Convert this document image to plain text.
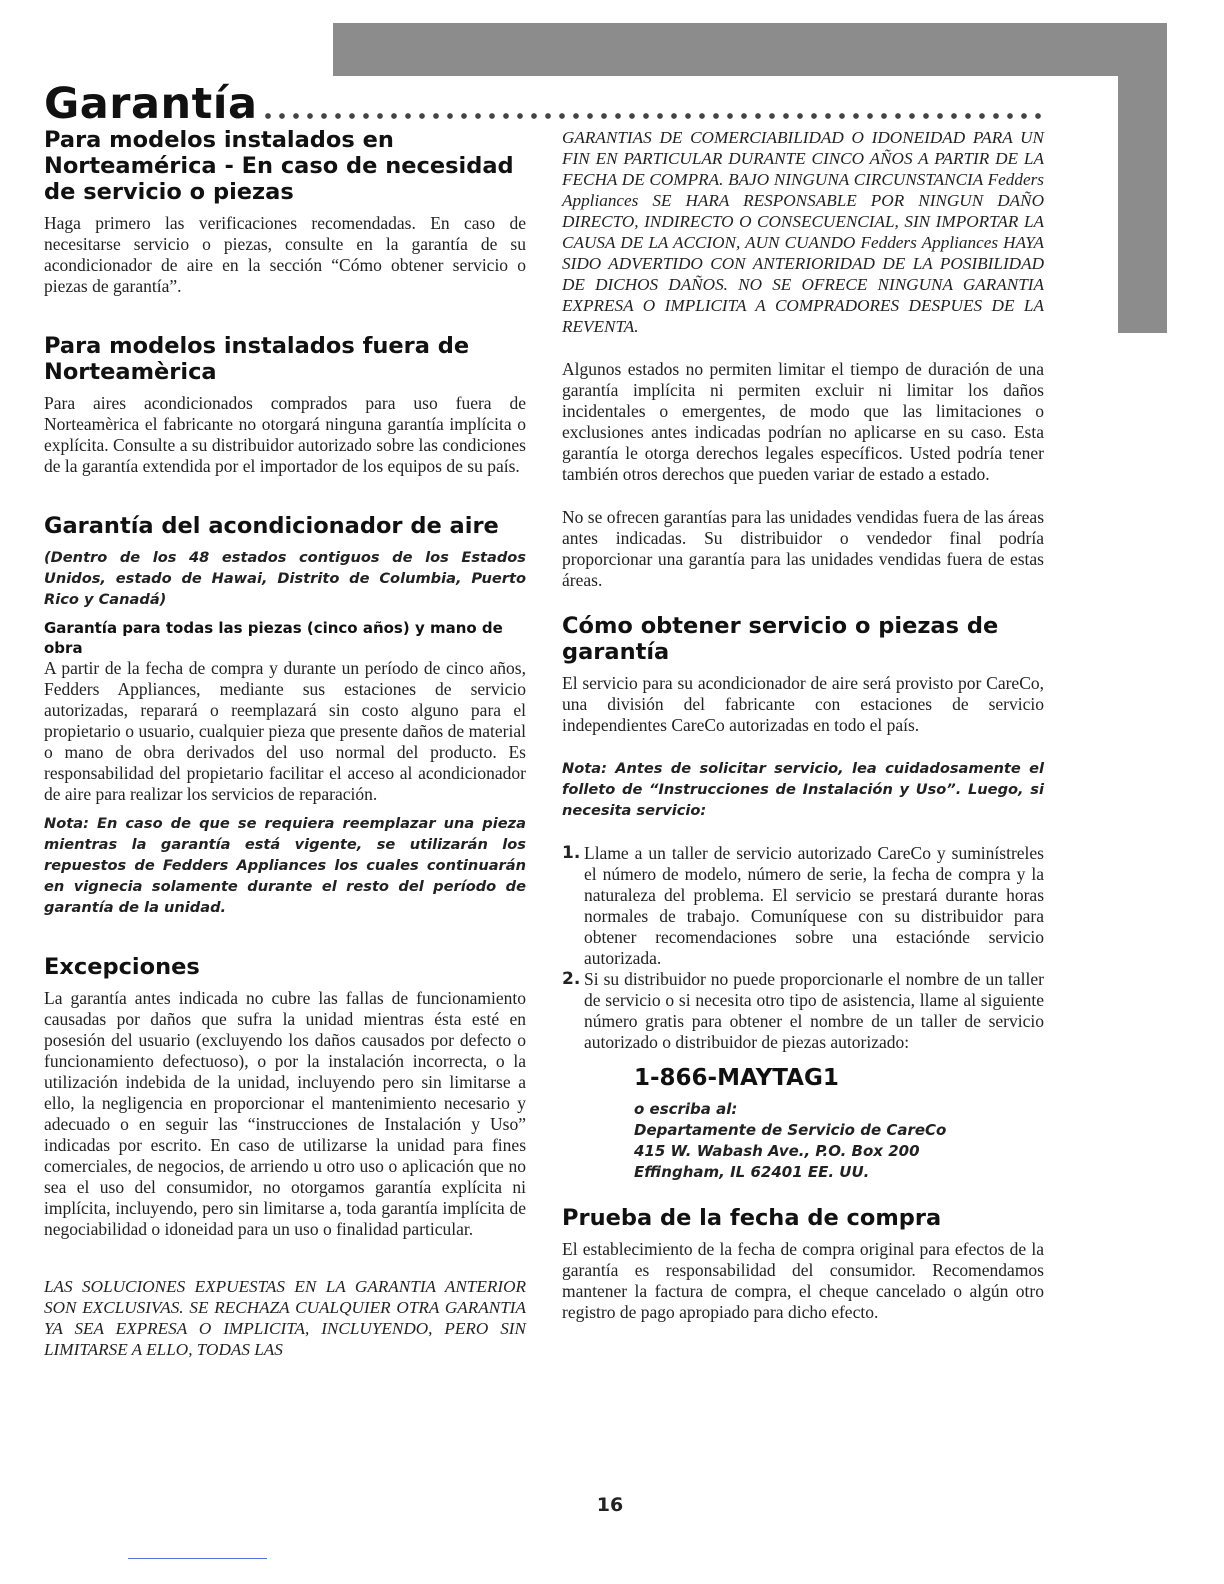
Garantía
Para modelos instalados en Norteamérica - En caso de necesidad de servicio o piezas

Haga primero las verificaciones recomendadas. En caso de necesitarse servicio o piezas, consulte en la garantía de su acondicionador de aire en la sección “Cómo obtener servicio o piezas de garantía”.

Para modelos instalados fuera de Norteamèrica

Para aires acondicionados comprados para uso fuera de Norteamèrica el fabricante no otorgará ninguna garantía implícita o explícita. Consulte a su distribuidor autorizado sobre las condiciones de la garantía extendida por el importador de los equipos de su país.

Garantía del acondicionador de aire

(Dentro de los 48 estados contiguos de los Estados Unidos, estado de Hawai, Distrito de Columbia, Puerto Rico y Canadá)

Garantía para todas las piezas (cinco años) y mano de obra

A partir de la fecha de compra y durante un período de cinco años, Fedders Appliances, mediante sus estaciones de servicio autorizadas, reparará o reemplazará sin costo alguno para el propietario o usuario, cualquier pieza que presente daños de material o mano de obra derivados del uso normal del producto. Es responsabilidad del propietario facilitar el acceso al acondicionador de aire para realizar los servicios de reparación.

Nota: En caso de que se requiera reemplazar una pieza mientras la garantía está vigente, se utilizarán los repuestos de Fedders Appliances los cuales continuarán en vignecia solamente durante el resto del período de garantía de la unidad.

Excepciones

La garantía antes indicada no cubre las fallas de funcionamiento causadas por daños que sufra la unidad mientras ésta esté en posesión del usuario (excluyendo los daños causados por defecto o funcionamiento defectuoso), o por la instalación incorrecta, o la utilización indebida de la unidad, incluyendo pero sin limitarse a ello, la negligencia en proporcionar el mantenimiento necesario y adecuado o en seguir las “instrucciones de Instalación y Uso” indicadas por escrito. En caso de utilizarse la unidad para fines comerciales, de negocios, de arriendo u otro uso o aplicación que no sea el uso del consumidor, no otorgamos garantía explícita ni implícita, incluyendo, pero sin limitarse a, toda garantía implícita de negociabilidad o idoneidad para un uso o finalidad particular.

LAS SOLUCIONES EXPUESTAS EN LA GARANTIA ANTERIOR SON EXCLUSIVAS. SE RECHAZA CUALQUIER OTRA GARANTIA YA SEA EXPRESA O IMPLICITA, INCLUYENDO, PERO SIN LIMITARSE A ELLO, TODAS LAS

GARANTIAS DE COMERCIABILIDAD O IDONEIDAD PARA UN FIN EN PARTICULAR DURANTE CINCO AÑOS A PARTIR DE LA FECHA DE COMPRA. BAJO NINGUNA CIRCUNSTANCIA Fedders Appliances SE HARA RESPONSABLE POR NINGUN DAÑO DIRECTO, INDIRECTO O CONSECUENCIAL, SIN IMPORTAR LA CAUSA DE LA ACCION, AUN CUANDO Fedders Appliances HAYA SIDO ADVERTIDO CON ANTERIORIDAD DE LA POSIBILIDAD DE DICHOS DAÑOS. NO SE OFRECE NINGUNA GARANTIA EXPRESA O IMPLICITA A COMPRADORES DESPUES DE LA REVENTA.

Algunos estados no permiten limitar el tiempo de duración de una garantía implícita ni permiten excluir ni limitar los daños incidentales o emergentes, de modo que las limitaciones o exclusiones antes indicadas podrían no aplicarse en su caso. Esta garantía le otorga derechos legales específicos. Usted podría tener también otros derechos que pueden variar de estado a estado.

No se ofrecen garantías para las unidades vendidas fuera de las áreas antes indicadas. Su distribuidor o vendedor final podría proporcionar una garantía para las unidades vendidas fuera de estas áreas.

Cómo obtener servicio o piezas de garantía

El servicio para su acondicionador de aire será provisto por CareCo, una división del fabricante con estaciones de servicio independientes CareCo autorizadas en todo el país.

Nota: Antes de solicitar servicio, lea cuidadosamente el folleto de “Instrucciones de Instalación y Uso”. Luego, si necesita servicio:

1. Llame a un taller de servicio autorizado CareCo y suminístreles el número de modelo, número de serie, la fecha de compra y la naturaleza del problema. El servicio se prestará durante horas normales de trabajo. Comuníquese con su distribuidor para obtener recomendaciones sobre una estacióndе servicio autorizada.

2. Si su distribuidor no puede proporcionarle el nombre de un taller de servicio o si necesita otro tipo de asistencia, llame al siguiente número gratis para obtener el nombre de un taller de servicio autorizado o distribuidor de piezas autorizado:

1-866-MAYTAG1
o escriba al:
Departamente de Servicio de CareCo
415 W. Wabash Ave., P.O. Box 200
Effingham, IL 62401 EE. UU.
Prueba de la fecha de compra

El establecimiento de la fecha de compra original para efectos de la garantía es responsabilidad del consumidor. Recomendamos mantener la factura de compra, el cheque cancelado o algún otro registro de pago apropiado para dicho efecto.

16
